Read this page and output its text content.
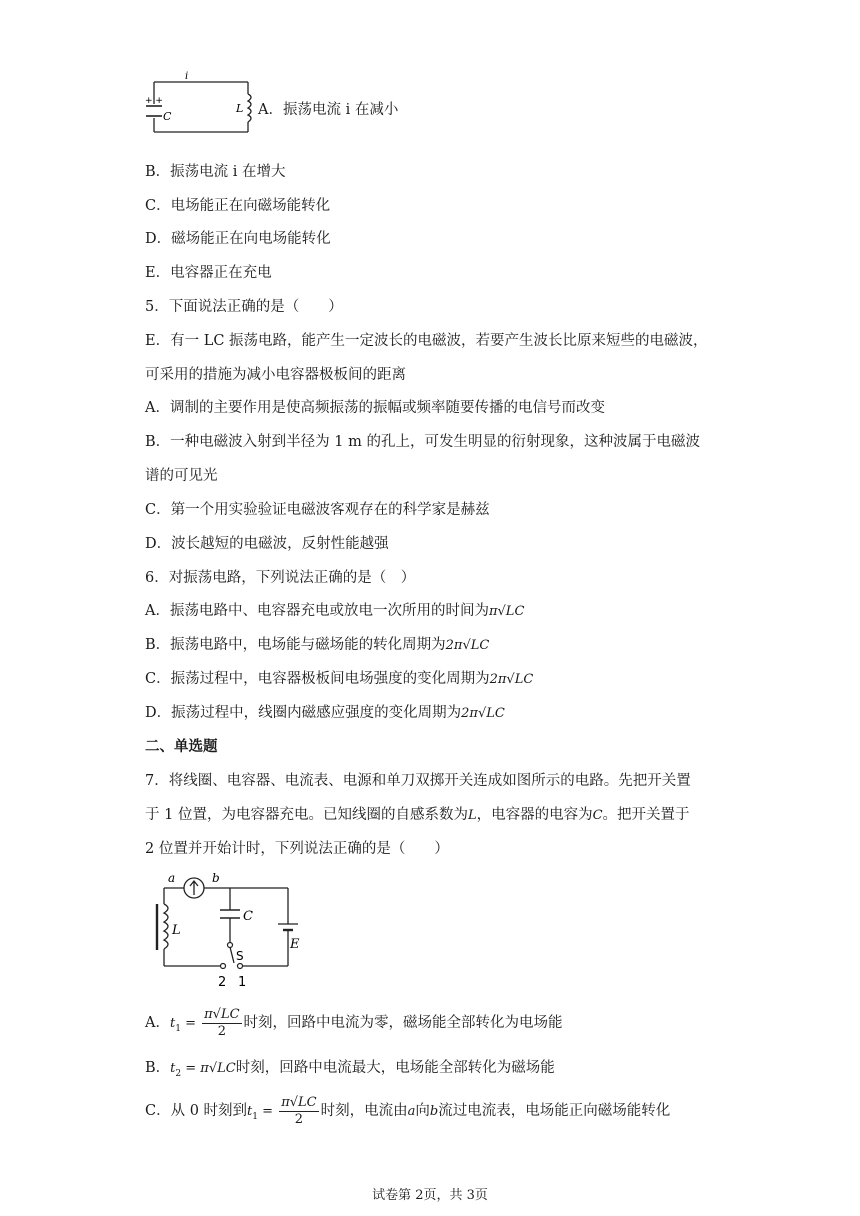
i
L
C
+ +
A．振荡电流 i 在减小
B．振荡电流 i 在增大
C．电场能正在向磁场能转化
D．磁场能正在向电场能转化
E．电容器正在充电
5．下面说法正确的是（　　）
E．有一 LC 振荡电路，能产生一定波长的电磁波，若要产生波长比原来短些的电磁波，
可采用的措施为减小电容器极板间的距离
A．调制的主要作用是使高频振荡的振幅或频率随要传播的电信号而改变
B．一种电磁波入射到半径为 1 m 的孔上，可发生明显的衍射现象，这种波属于电磁波
谱的可见光
C．第一个用实验验证电磁波客观存在的科学家是赫兹
D．波长越短的电磁波，反射性能越强
6．对振荡电路，下列说法正确的是（　）
A．振荡电路中、电容器充电或放电一次所用的时间为π√LC
B．振荡电路中，电场能与磁场能的转化周期为2π√LC
C．振荡过程中，电容器极板间电场强度的变化周期为2π√LC
D．振荡过程中，线圈内磁感应强度的变化周期为2π√LC
二、单选题
7．将线圈、电容器、电流表、电源和单刀双掷开关连成如图所示的电路。先把开关置
于 1 位置，为电容器充电。已知线圈的自感系数为L，电容器的电容为C。把开关置于
2 位置并开始计时，下列说法正确的是（　　）
a	b
C
L
E
S
2 1
A．$t_1 = \frac{\pi√LC}{2}$ 时刻，回路中电流为零，磁场能全部转化为电场能
B．$t_2 = \pi√LC$时刻，回路中电流最大，电场能全部转化为磁场能
C．从 0 时刻到$t_1 = \frac{\pi√LC}{2}$ 时刻，电流由a向b流过电流表，电场能正向磁场能转化
试卷第 2页，共 3页
